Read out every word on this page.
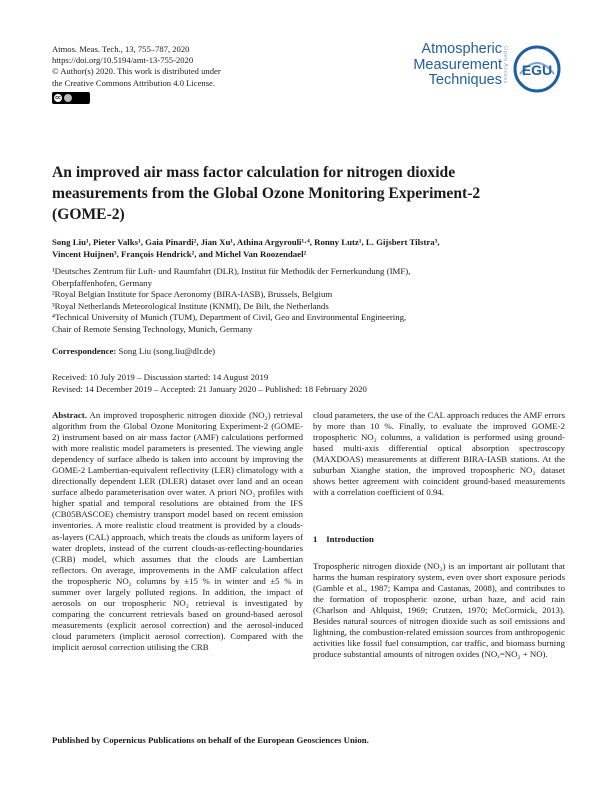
Atmos. Meas. Tech., 13, 755–787, 2020
https://doi.org/10.5194/amt-13-755-2020
© Author(s) 2020. This work is distributed under
the Creative Commons Attribution 4.0 License.
cc
Atmospheric
Measurement
Techniques Open Access EGU
An improved air mass factor calculation for nitrogen dioxide measurements from the Global Ozone Monitoring Experiment-2 (GOME-2)
Song Liu¹, Pieter Valks¹, Gaia Pinardi², Jian Xu¹, Athina Argyrouli¹·⁴, Ronny Lutz¹, L. Gijsbert Tilstra³,
Vincent Huijnen³, François Hendrick², and Michel Van Roozendael²
¹Deutsches Zentrum für Luft- und Raumfahrt (DLR), Institut für Methodik der Fernerkundung (IMF),
Oberpfaffenhofen, Germany
²Royal Belgian Institute for Space Aeronomy (BIRA-IASB), Brussels, Belgium
³Royal Netherlands Meteorological Institute (KNMI), De Bilt, the Netherlands
⁴Technical University of Munich (TUM), Department of Civil, Geo and Environmental Engineering,
Chair of Remote Sensing Technology, Munich, Germany
Correspondence: Song Liu (song.liu@dlr.de)
Received: 10 July 2019 – Discussion started: 14 August 2019
Revised: 14 December 2019 – Accepted: 21 January 2020 – Published: 18 February 2020

Abstract. An improved tropospheric nitrogen dioxide (NO₂) retrieval algorithm from the Global Ozone Monitoring Experiment-2 (GOME-2) instrument based on air mass factor (AMF) calculations performed with more realistic model parameters is presented. The viewing angle dependency of surface albedo is taken into account by improving the GOME-2 Lambertian-equivalent reflectivity (LER) climatology with a directionally dependent LER (DLER) dataset over land and an ocean surface albedo parameterisation over water. A priori NO₂ profiles with higher spatial and temporal resolutions are obtained from the IFS (CB05BASCOE) chemistry transport model based on recent emission inventories. A more realistic cloud treatment is provided by a clouds-as-layers (CAL) approach, which treats the clouds as uniform layers of water droplets, instead of the current clouds-as-reflecting-boundaries (CRB) model, which assumes that the clouds are Lambertian reflectors. On average, improvements in the AMF calculation affect the tropospheric NO₂ columns by ±15 % in winter and ±5 % in summer over largely polluted regions. In addition, the impact of aerosols on our tropospheric NO₂ retrieval is investigated by comparing the concurrent retrievals based on ground-based aerosol measurements (explicit aerosol correction) and the aerosol-induced cloud parameters (implicit aerosol correction). Compared with the implicit aerosol correction utilising the CRB

cloud parameters, the use of the CAL approach reduces the AMF errors by more than 10 %. Finally, to evaluate the improved GOME-2 tropospheric NO₂ columns, a validation is performed using ground-based multi-axis differential optical absorption spectroscopy (MAXDOAS) measurements at different BIRA-IASB stations. At the suburban Xianghe station, the improved tropospheric NO₂ dataset shows better agreement with coincident ground-based measurements with a correlation coefficient of 0.94.

1    Introduction

Tropospheric nitrogen dioxide (NO₂) is an important air pollutant that harms the human respiratory system, even over short exposure periods (Gamble et al., 1987; Kampa and Castanas, 2008), and contributes to the formation of tropospheric ozone, urban haze, and acid rain (Charlson and Ahlquist, 1969; Crutzen, 1970; McCormick, 2013). Besides natural sources of nitrogen dioxide such as soil emissions and lightning, the combustion-related emission sources from anthropogenic activities like fossil fuel consumption, car traffic, and biomass burning produce substantial amounts of nitrogen oxides (NOₓ=NO₂ + NO).

Published by Copernicus Publications on behalf of the European Geosciences Union.
